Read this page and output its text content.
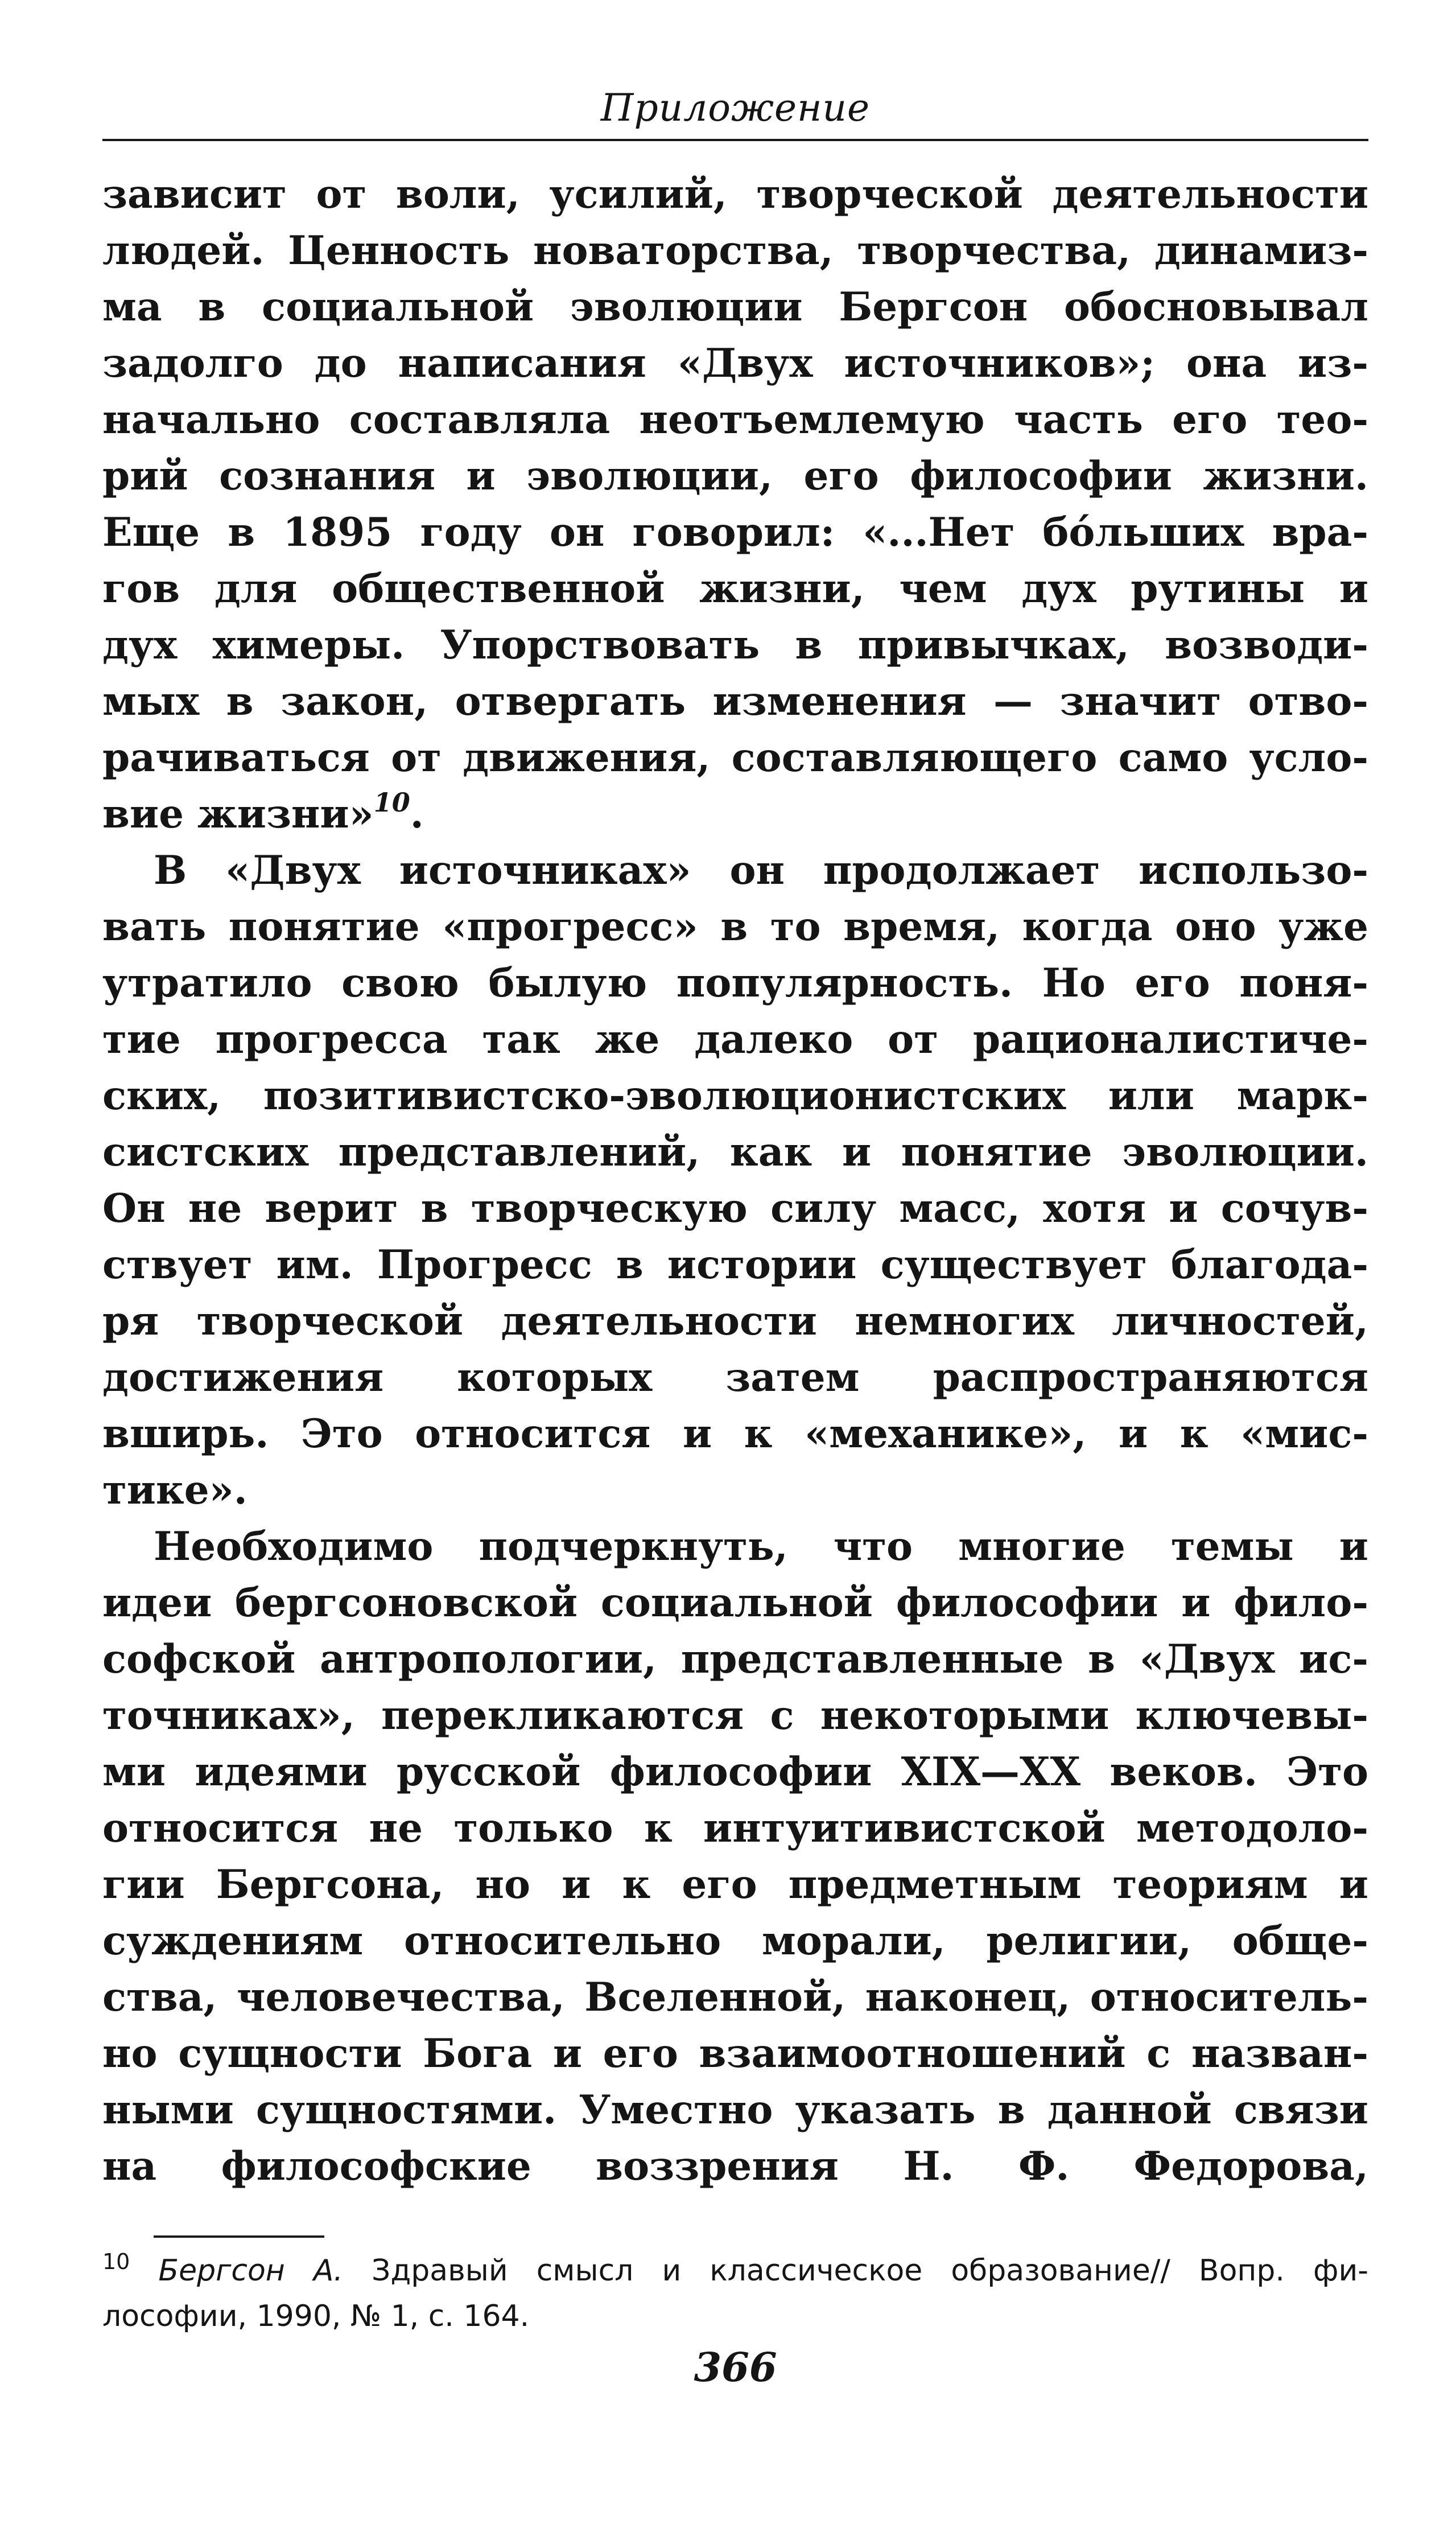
Приложение

зависит от воли, усилий, творческой деятельности

людей. Ценность новаторства, творчества, динамиз-

ма в социальной эволюции Бергсон обосновывал

задолго до написания «Двух источников»; она из-

начально составляла неотъемлемую часть его тео-

рий сознания и эволюции, его философии жизни.

Еще в 1895 году он говорил: «...Нет бóльших вра-

гов для общественной жизни, чем дух рутины и

дух химеры. Упорствовать в привычках, возводи-

мых в закон, отвергать изменения — значит отво-

рачиваться от движения, составляющего само усло-

вие жизни»$^{10}$.

В «Двух источниках» он продолжает использо-

вать понятие «прогресс» в то время, когда оно уже

утратило свою былую популярность. Но его поня-

тие прогресса так же далеко от рационалистиче-

ских, позитивистско-эволюционистских или марк-

систских представлений, как и понятие эволюции.

Он не верит в творческую силу масс, хотя и сочув-

ствует им. Прогресс в истории существует благода-

ря творческой деятельности немногих личностей,

достижения которых затем распространяются

вширь. Это относится и к «механике», и к «мис-

тике».

Необходимо подчеркнуть, что многие темы и

идеи бергсоновской социальной философии и фило-

софской антропологии, представленные в «Двух ис-

точниках», перекликаются с некоторыми ключевы-

ми идеями русской философии XIX—XX веков. Это

относится не только к интуитивистской методоло-

гии Бергсона, но и к его предметным теориям и

суждениям относительно морали, религии, обще-

ства, человечества, Вселенной, наконец, относитель-

но сущности Бога и его взаимоотношений с назван-

ными сущностями. Уместно указать в данной связи

на философские воззрения Н. Ф. Федорова,

$^{10}$ Бергсон А. Здравый смысл и классическое образование// Вопр. фи-

лософии, 1990, № 1, с. 164.

366
